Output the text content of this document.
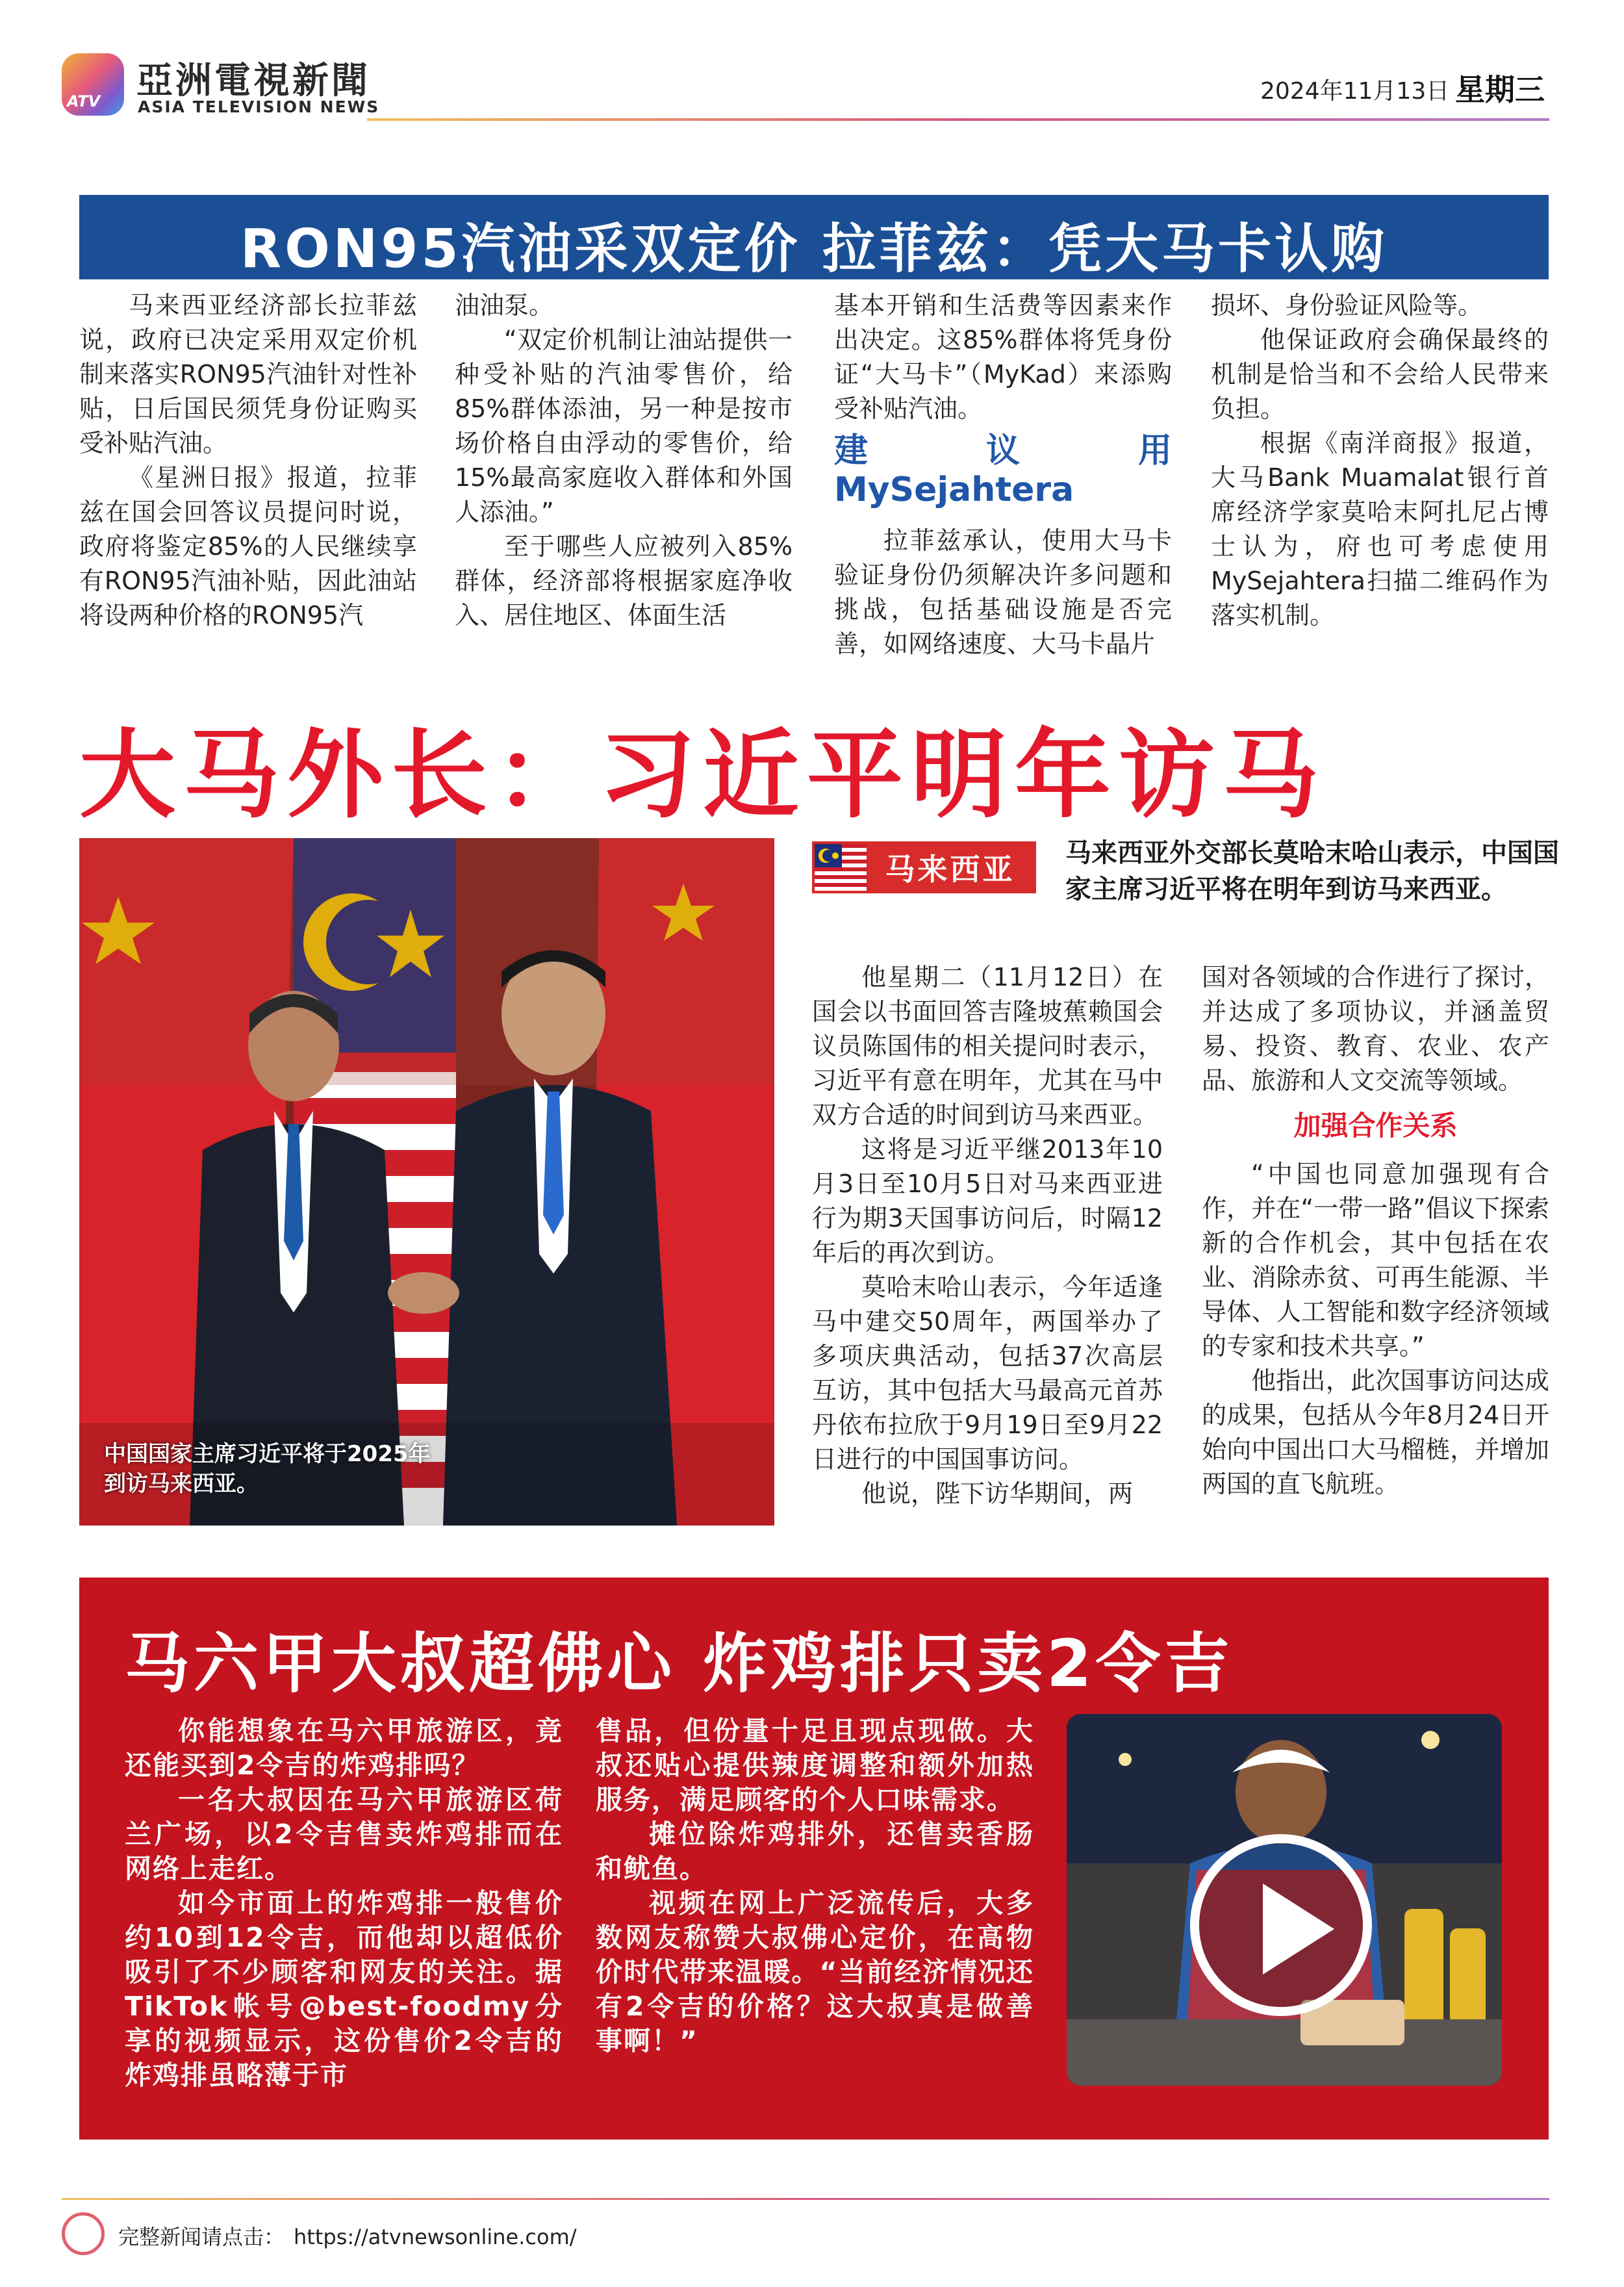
ATV 亞洲電視新聞
ASIA TELEVISION NEWS
2024年11月13日 星期三
RON95汽油采双定价 拉菲兹：凭大马卡认购

马来西亚经济部长拉菲兹说，政府已决定采用双定价机制来落实RON95汽油针对性补贴，日后国民须凭身份证购买受补贴汽油。

《星洲日报》报道，拉菲兹在国会回答议员提问时说，政府将鉴定85%的人民继续享有RON95汽油补贴，因此油站将设两种价格的RON95汽

油油泵。

“双定价机制让油站提供一种受补贴的汽油零售价，给85%群体添油，另一种是按市场价格自由浮动的零售价，给15%最高家庭收入群体和外国人添油。”

至于哪些人应被列入85%群体，经济部将根据家庭净收入、居住地区、体面生活

基本开销和生活费等因素来作出决定。这85%群体将凭身份证“大马卡”（MyKad）来添购受补贴汽油。

建议用MySejahtera

拉菲兹承认，使用大马卡验证身份仍须解决许多问题和挑战，包括基础设施是否完善，如网络速度、大马卡晶片

损坏、身份验证风险等。

他保证政府会确保最终的机制是恰当和不会给人民带来负担。

根据《南洋商报》报道，大马Bank Muamalat银行首席经济学家莫哈末阿扎尼占博士认为，府也可考虑使用MySejahtera扫描二维码作为落实机制。

大马外长：习近平明年访马
中国国家主席习近平将于2025年到访马来西亚。
马来西亚	马来西亚外交部长莫哈末哈山表示，中国国家主席习近平将在明年到访马来西亚。

他星期二（11月12日）在国会以书面回答吉隆坡蕉赖国会议员陈国伟的相关提问时表示，习近平有意在明年，尤其在马中双方合适的时间到访马来西亚。

这将是习近平继2013年10月3日至10月5日对马来西亚进行为期3天国事访问后，时隔12年后的再次到访。

莫哈末哈山表示，今年适逢马中建交50周年，两国举办了多项庆典活动，包括37次高层互访，其中包括大马最高元首苏丹依布拉欣于9月19日至9月22日进行的中国国事访问。

他说，陛下访华期间，两

国对各领域的合作进行了探讨，并达成了多项协议，并涵盖贸易、投资、教育、农业、农产品、旅游和人文交流等领域。

加强合作关系

“中国也同意加强现有合作，并在“一带一路”倡议下探索新的合作机会，其中包括在农业、消除赤贫、可再生能源、半导体、人工智能和数字经济领域的专家和技术共享。”

他指出，此次国事访问达成的成果，包括从今年8月24日开始向中国出口大马榴梿，并增加两国的直飞航班。

马六甲大叔超佛心 炸鸡排只卖2令吉

你能想象在马六甲旅游区，竟还能买到2令吉的炸鸡排吗？

一名大叔因在马六甲旅游区荷兰广场，以2令吉售卖炸鸡排而在网络上走红。

如今市面上的炸鸡排一般售价约10到12令吉，而他却以超低价吸引了不少顾客和网友的关注。据TikTok帐号@best-foodmy分享的视频显示，这份售价2令吉的炸鸡排虽略薄于市

售品，但份量十足且现点现做。大叔还贴心提供辣度调整和额外加热服务，满足顾客的个人口味需求。

摊位除炸鸡排外，还售卖香肠和鱿鱼。

视频在网上广泛流传后，大多数网友称赞大叔佛心定价，在高物价时代带来温暖。“当前经济情况还有2令吉的价格？这大叔真是做善事啊！”

完整新闻请点击： https://atvnewsonline.com/
